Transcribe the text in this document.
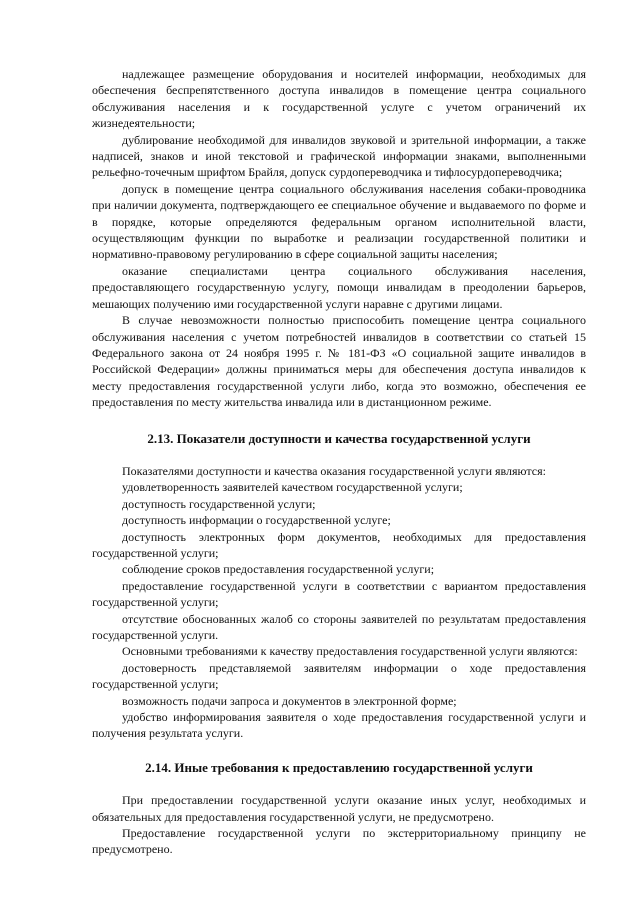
надлежащее размещение оборудования и носителей информации, необходимых для обеспечения беспрепятственного доступа инвалидов в помещение центра социального обслуживания населения и к государственной услуге с учетом ограничений их жизнедеятельности;

дублирование необходимой для инвалидов звуковой и зрительной информации, а также надписей, знаков и иной текстовой и графической информации знаками, выполненными рельефно-точечным шрифтом Брайля, допуск сурдопереводчика и тифлосурдопереводчика;

допуск в помещение центра социального обслуживания населения собаки-проводника при наличии документа, подтверждающего ее специальное обучение и выдаваемого по форме и в порядке, которые определяются федеральным органом исполнительной власти, осуществляющим функции по выработке и реализации государственной политики и нормативно-правовому регулированию в сфере социальной защиты населения;

оказание специалистами центра социального обслуживания населения, предоставляющего государственную услугу, помощи инвалидам в преодолении барьеров, мешающих получению ими государственной услуги наравне с другими лицами.

В случае невозможности полностью приспособить помещение центра социального обслуживания населения с учетом потребностей инвалидов в соответствии со статьей 15 Федерального закона от 24 ноября 1995 г. № 181-ФЗ «О социальной защите инвалидов в Российской Федерации» должны приниматься меры для обеспечения доступа инвалидов к месту предоставления государственной услуги либо, когда это возможно, обеспечения ее предоставления по месту жительства инвалида или в дистанционном режиме.

2.13. Показатели доступности и качества государственной услуги

Показателями доступности и качества оказания государственной услуги являются:

удовлетворенность заявителей качеством государственной услуги;

доступность государственной услуги;

доступность информации о государственной услуге;

доступность электронных форм документов, необходимых для предоставления государственной услуги;

соблюдение сроков предоставления государственной услуги;

предоставление государственной услуги в соответствии с вариантом предоставления государственной услуги;

отсутствие обоснованных жалоб со стороны заявителей по результатам предоставления государственной услуги.

Основными требованиями к качеству предоставления государственной услуги являются:

достоверность представляемой заявителям информации о ходе предоставления государственной услуги;

возможность подачи запроса и документов в электронной форме;

удобство информирования заявителя о ходе предоставления государственной услуги и получения результата услуги.

2.14. Иные требования к предоставлению государственной услуги

При предоставлении государственной услуги оказание иных услуг, необходимых и обязательных для предоставления государственной услуги, не предусмотрено.

Предоставление государственной услуги по экстерриториальному принципу не предусмотрено.
